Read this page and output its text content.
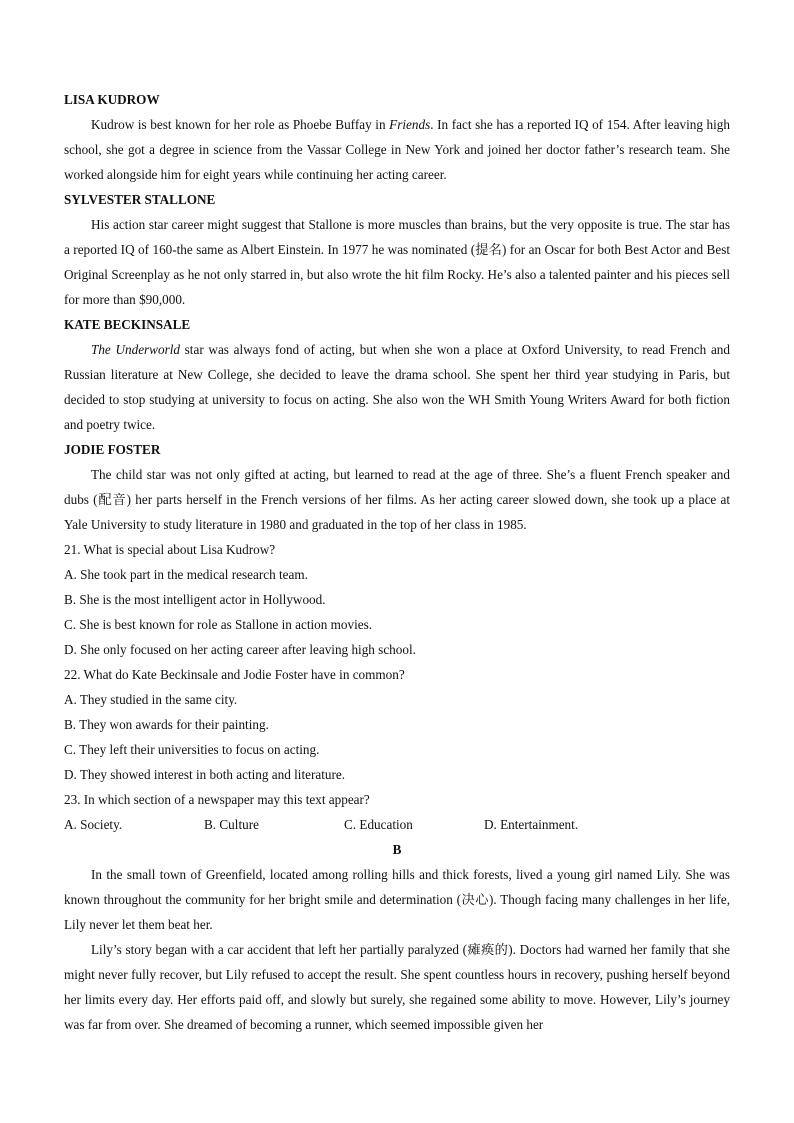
LISA KUDROW

Kudrow is best known for her role as Phoebe Buffay in Friends. In fact she has a reported IQ of 154. After leaving high school, she got a degree in science from the Vassar College in New York and joined her doctor father’s research team. She worked alongside him for eight years while continuing her acting career.

SYLVESTER STALLONE

His action star career might suggest that Stallone is more muscles than brains, but the very opposite is true. The star has a reported IQ of 160-the same as Albert Einstein. In 1977 he was nominated (提名) for an Oscar for both Best Actor and Best Original Screenplay as he not only starred in, but also wrote the hit film Rocky. He’s also a talented painter and his pieces sell for more than $90,000.

KATE BECKINSALE

The Underworld star was always fond of acting, but when she won a place at Oxford University, to read French and Russian literature at New College, she decided to leave the drama school. She spent her third year studying in Paris, but decided to stop studying at university to focus on acting. She also won the WH Smith Young Writers Award for both fiction and poetry twice.

JODIE FOSTER

The child star was not only gifted at acting, but learned to read at the age of three. She’s a fluent French speaker and dubs (配音) her parts herself in the French versions of her films. As her acting career slowed down, she took up a place at Yale University to study literature in 1980 and graduated in the top of her class in 1985.

21. What is special about Lisa Kudrow?

A. She took part in the medical research team.

B. She is the most intelligent actor in Hollywood.

C. She is best known for role as Stallone in action movies.

D. She only focused on her acting career after leaving high school.

22. What do Kate Beckinsale and Jodie Foster have in common?

A. They studied in the same city.

B. They won awards for their painting.

C. They left their universities to focus on acting.

D. They showed interest in both acting and literature.

23. In which section of a newspaper may this text appear?

A. Society.	B. Culture	C. Education	D. Entertainment.

B

In the small town of Greenfield, located among rolling hills and thick forests, lived a young girl named Lily. She was known throughout the community for her bright smile and determination (决心). Though facing many challenges in her life, Lily never let them beat her.

Lily’s story began with a car accident that left her partially paralyzed (瘫痪的). Doctors had warned her family that she might never fully recover, but Lily refused to accept the result. She spent countless hours in recovery, pushing herself beyond her limits every day. Her efforts paid off, and slowly but surely, she regained some ability to move. However, Lily’s journey was far from over. She dreamed of becoming a runner, which seemed impossible given her
